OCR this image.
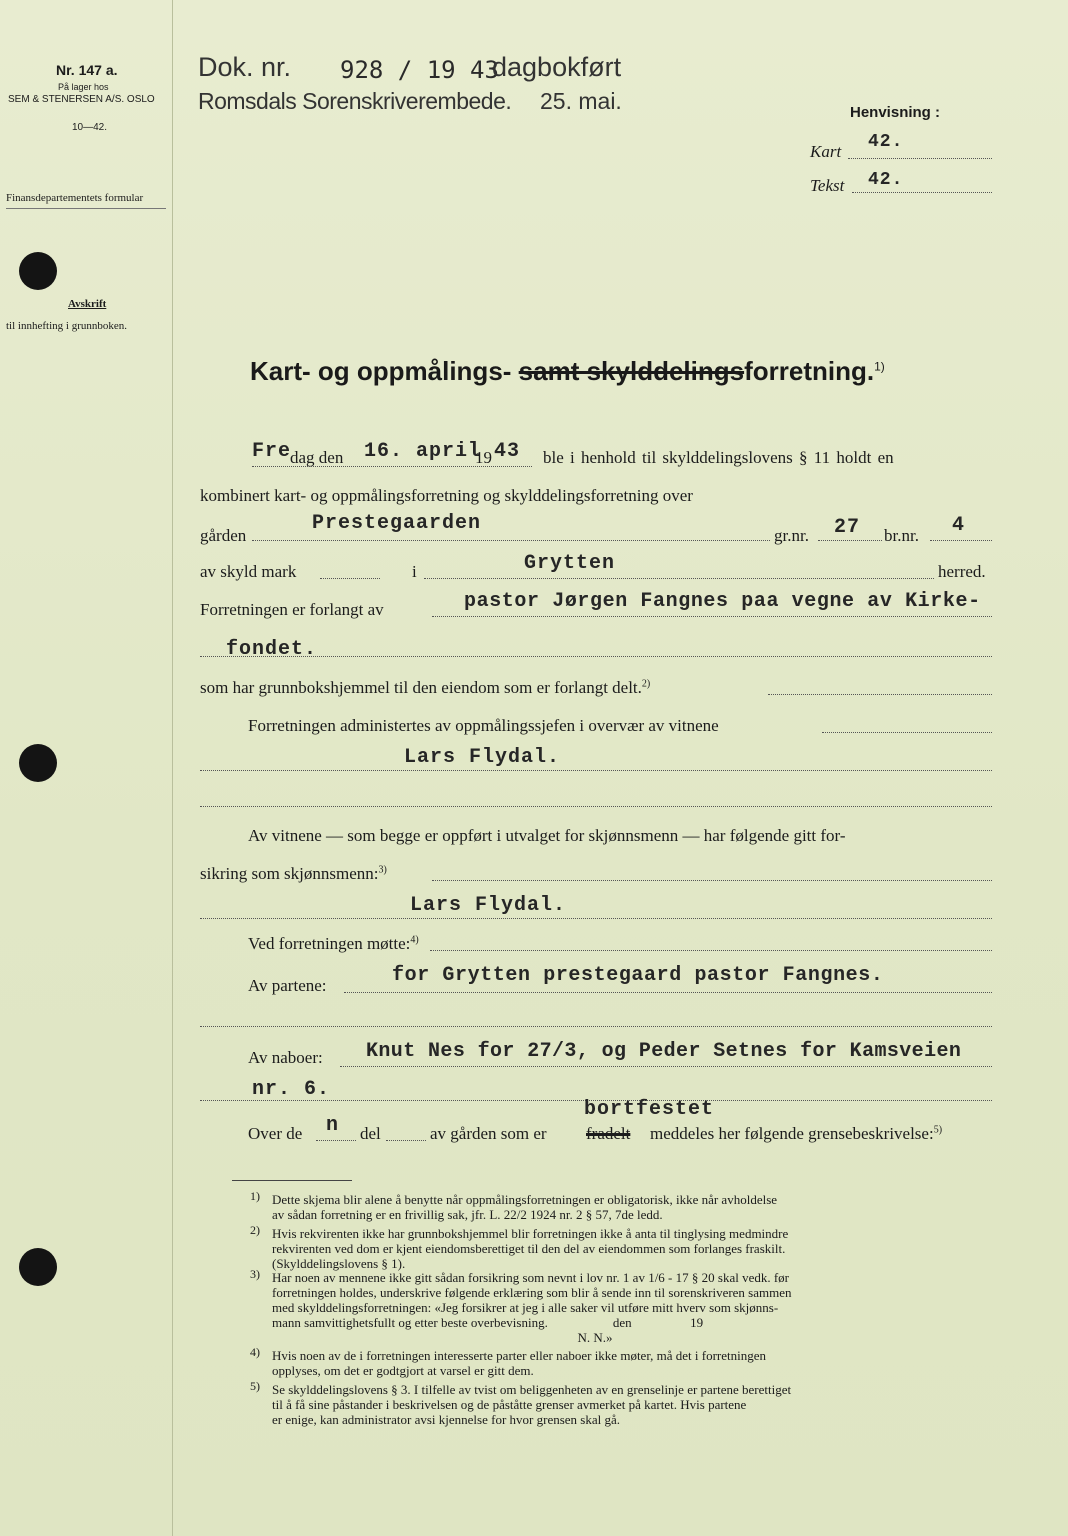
Nr. 147 a.
På lager hos
SEM & STENERSEN A/S. OSLO
10—42.
Finansdepartementets formular
Avskrift
til innhefting i grunnboken.
Dok. nr. 928 / 19 43
dagbokført
Romsdals Sorenskriverembede. 25. mai.	Henvisning :
Kart 42.
Tekst 42.
Kart- og oppmålings- samt skylddelingsforretning.$^{1)}$
Fre
dag den 16. april
19 43 ble i henhold til skylddelingslovens § 11 holdt en
kombinert kart- og oppmålingsforretning og skylddelingsforretning over
gården
Prestegaarden
gr.nr. 27 br.nr. 4
av skyld mark	i	Grytten	herred.
Forretningen er forlangt av	pastor Jørgen Fangnes paa vegne av Kirke-
fondet.
som har grunnbokshjemmel til den eiendom som er forlangt delt.$^{2)}$
Forretningen administertes av oppmålingssjefen i overvær av vitnene
Lars Flydal.
Av vitnene — som begge er oppført i utvalget for skjønnsmenn — har følgende gitt for-
sikring som skjønnsmenn:$^{3)}$
Lars Flydal.
Ved forretningen møtte:$^{4)}$
Av partene:	for Grytten prestegaard pastor Fangnes.
Av naboer: Knut Nes for 27/3, og Peder Setnes for Kamsveien
nr. 6.
bortfestet
Over de n del	av gården som er fradelt meddeles her følgende grensebeskrivelse:$^{5)}$
1) Dette skjema blir alene å benytte når oppmålingsforretningen er obligatorisk, ikke når avholdelse
av sådan forretning er en frivillig sak, jfr. L. 22/2 1924 nr. 2 § 57, 7de ledd.
2) Hvis rekvirenten ikke har grunnbokshjemmel blir forretningen ikke å anta til tinglysing medmindre
rekvirenten ved dom er kjent eiendomsberettiget til den del av eiendommen som forlanges fraskilt.
(Skylddelingslovens § 1).
3) Har noen av mennene ikke gitt sådan forsikring som nevnt i lov nr. 1 av 1/6 - 17 § 20 skal vedk. før
forretningen holdes, underskrive følgende erklæring som blir å sende inn til sorenskriveren sammen
med skylddelingsforretningen: «Jeg forsikrer at jeg i alle saker vil utføre mitt hverv som skjønns-
mann samvittighetsfullt og etter beste overbevisning.                    den                  19
N. N.»
4) Hvis noen av de i forretningen interesserte parter eller naboer ikke møter, må det i forretningen
opplyses, om det er godtgjort at varsel er gitt dem.
5) Se skylddelingslovens § 3. I tilfelle av tvist om beliggenheten av en grenselinje er partene berettiget
til å få sine påstander i beskrivelsen og de påståtte grenser avmerket på kartet. Hvis partene
er enige, kan administrator avsi kjennelse for hvor grensen skal gå.
